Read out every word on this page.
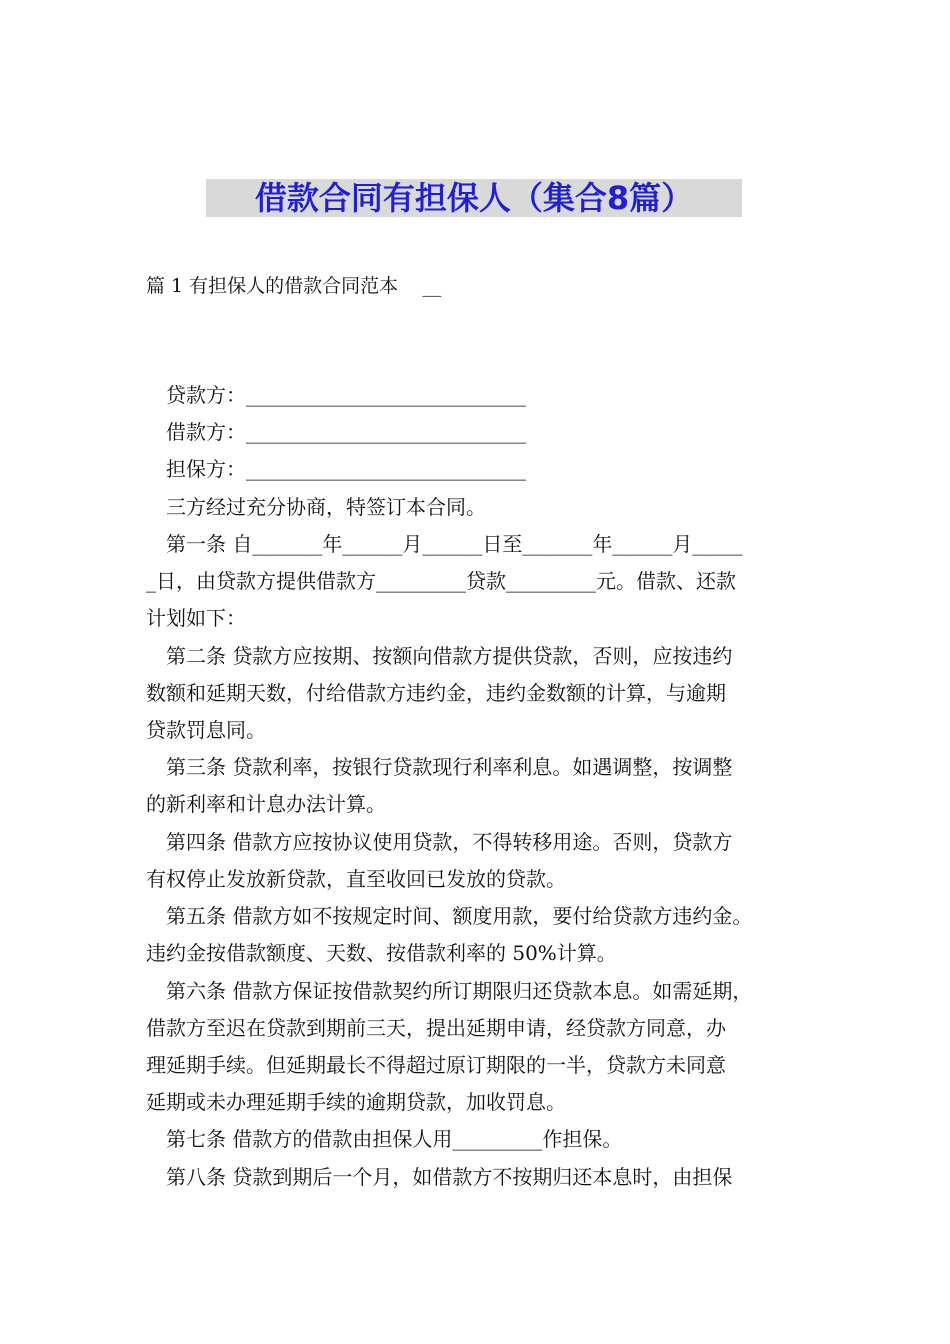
借款合同有担保人（集合8篇）
篇 1 有担保人的借款合同范本    __
贷款方：____________________________
借款方：____________________________
担保方：____________________________
三方经过充分协商，特签订本合同。
第一条 自_______年______月______日至_______年______月_____
_日，由贷款方提供借款方_________贷款_________元。借款、还款
计划如下：
第二条 贷款方应按期、按额向借款方提供贷款，否则，应按违约
数额和延期天数，付给借款方违约金，违约金数额的计算，与逾期
贷款罚息同。
第三条 贷款利率，按银行贷款现行利率利息。如遇调整，按调整
的新利率和计息办法计算。
第四条 借款方应按协议使用贷款，不得转移用途。否则，贷款方
有权停止发放新贷款，直至收回已发放的贷款。
第五条 借款方如不按规定时间、额度用款，要付给贷款方违约金。
违约金按借款额度、天数、按借款利率的 50%计算。
第六条 借款方保证按借款契约所订期限归还贷款本息。如需延期，
借款方至迟在贷款到期前三天，提出延期申请，经贷款方同意，办
理延期手续。但延期最长不得超过原订期限的一半，贷款方未同意
延期或未办理延期手续的逾期贷款，加收罚息。
第七条 借款方的借款由担保人用_________作担保。
第八条 贷款到期后一个月，如借款方不按期归还本息时，由担保
